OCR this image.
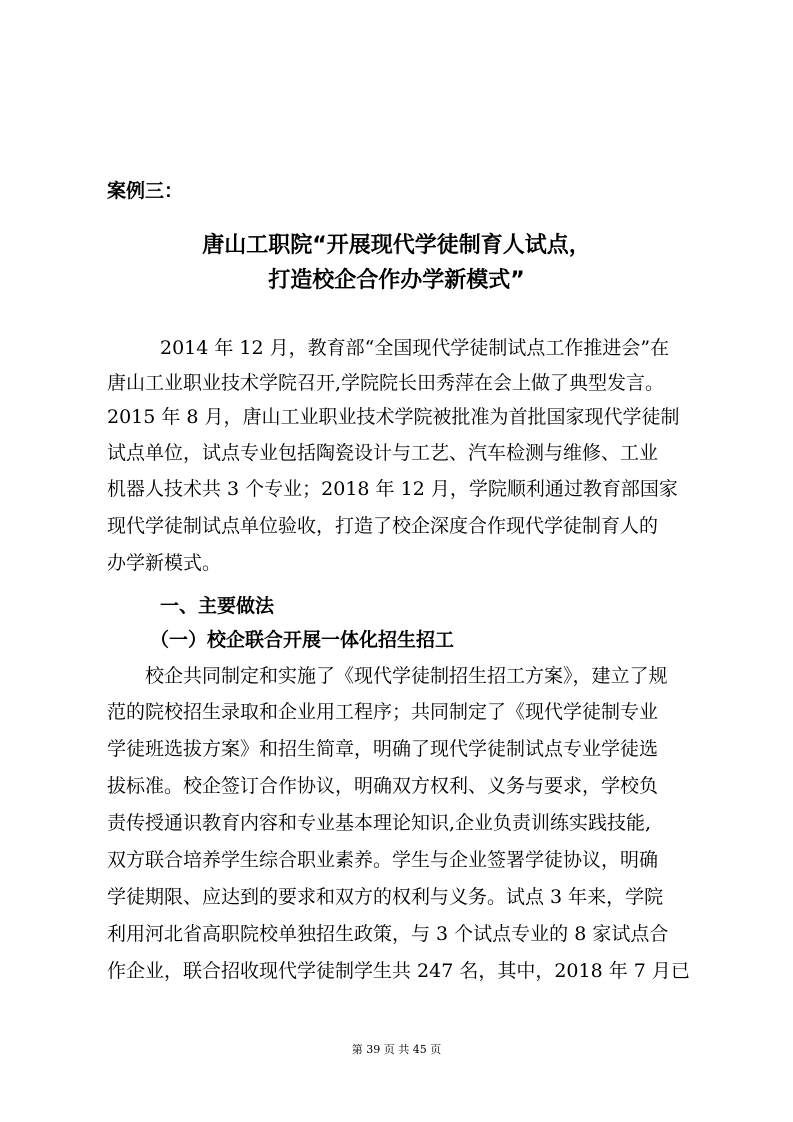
案例三：
唐山工职院“开展现代学徒制育人试点，
打造校企合作办学新模式”
2014 年 12 月，教育部“全国现代学徒制试点工作推进会”在
唐山工业职业技术学院召开,学院院长田秀萍在会上做了典型发言。
2015 年 8 月，唐山工业职业技术学院被批准为首批国家现代学徒制
试点单位，试点专业包括陶瓷设计与工艺、汽车检测与维修、工业
机器人技术共 3 个专业；2018 年 12 月，学院顺利通过教育部国家
现代学徒制试点单位验收，打造了校企深度合作现代学徒制育人的
办学新模式。
一、主要做法
（一）校企联合开展一体化招生招工
校企共同制定和实施了《现代学徒制招生招工方案》，建立了规
范的院校招生录取和企业用工程序；共同制定了《现代学徒制专业
学徒班选拔方案》和招生简章，明确了现代学徒制试点专业学徒选
拔标准。校企签订合作协议，明确双方权利、义务与要求，学校负
责传授通识教育内容和专业基本理论知识,企业负责训练实践技能,
双方联合培养学生综合职业素养。学生与企业签署学徒协议，明确
学徒期限、应达到的要求和双方的权利与义务。试点 3 年来，学院
利用河北省高职院校单独招生政策，与 3 个试点专业的 8 家试点合
作企业，联合招收现代学徒制学生共 247 名，其中，2018 年 7 月已
第 39 页 共 45 页
